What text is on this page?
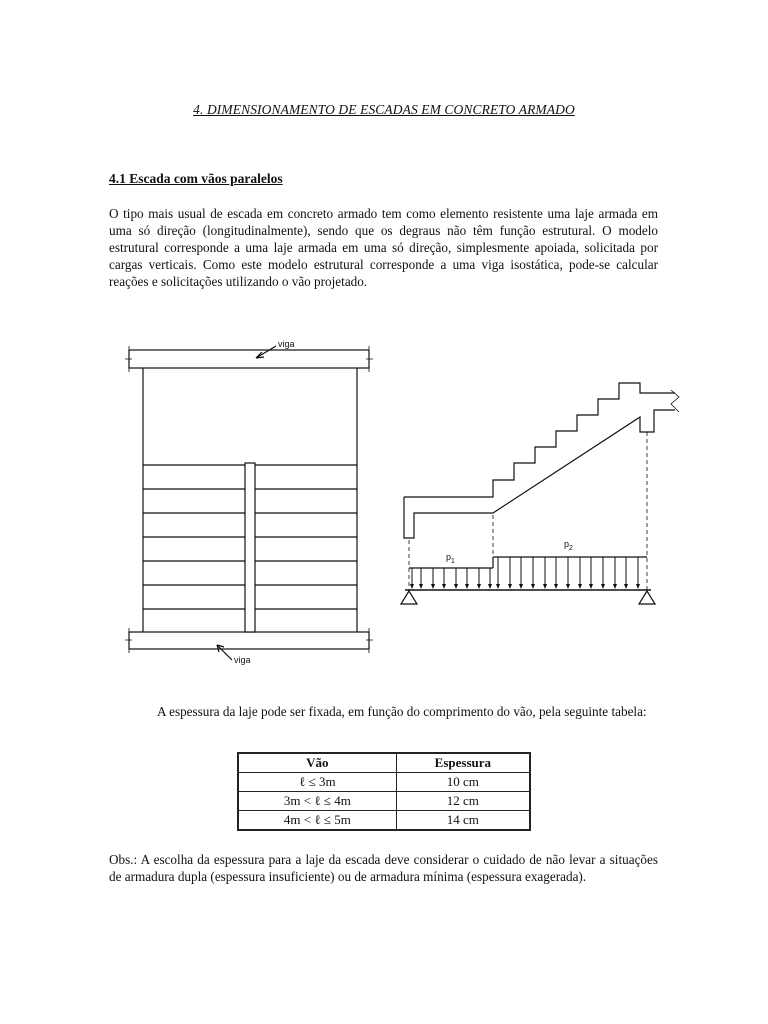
4. DIMENSIONAMENTO DE ESCADAS EM CONCRETO ARMADO
4.1 Escada com vãos paralelos

O tipo mais usual de escada em concreto armado tem como elemento resistente uma laje armada em uma só direção (longitudinalmente), sendo que os degraus não têm função estrutural. O modelo estrutural corresponde a uma laje armada em uma só direção, simplesmente apoiada, solicitada por cargas verticais. Como este modelo estrutural corresponde a uma viga isostática, pode-se calcular reações e solicitações utilizando o vão projetado.

viga
viga
$p_1$
$p_2$

A espessura da laje pode ser fixada, em função do comprimento do vão, pela seguinte tabela:

Vão	Espessura
ℓ ≤ 3m	10 cm
3m < ℓ ≤ 4m	12 cm
4m < ℓ ≤ 5m	14 cm

Obs.: A escolha da espessura para a laje da escada deve considerar o cuidado de não levar a situações de armadura dupla (espessura insuficiente) ou de armadura mínima (espessura exagerada).
